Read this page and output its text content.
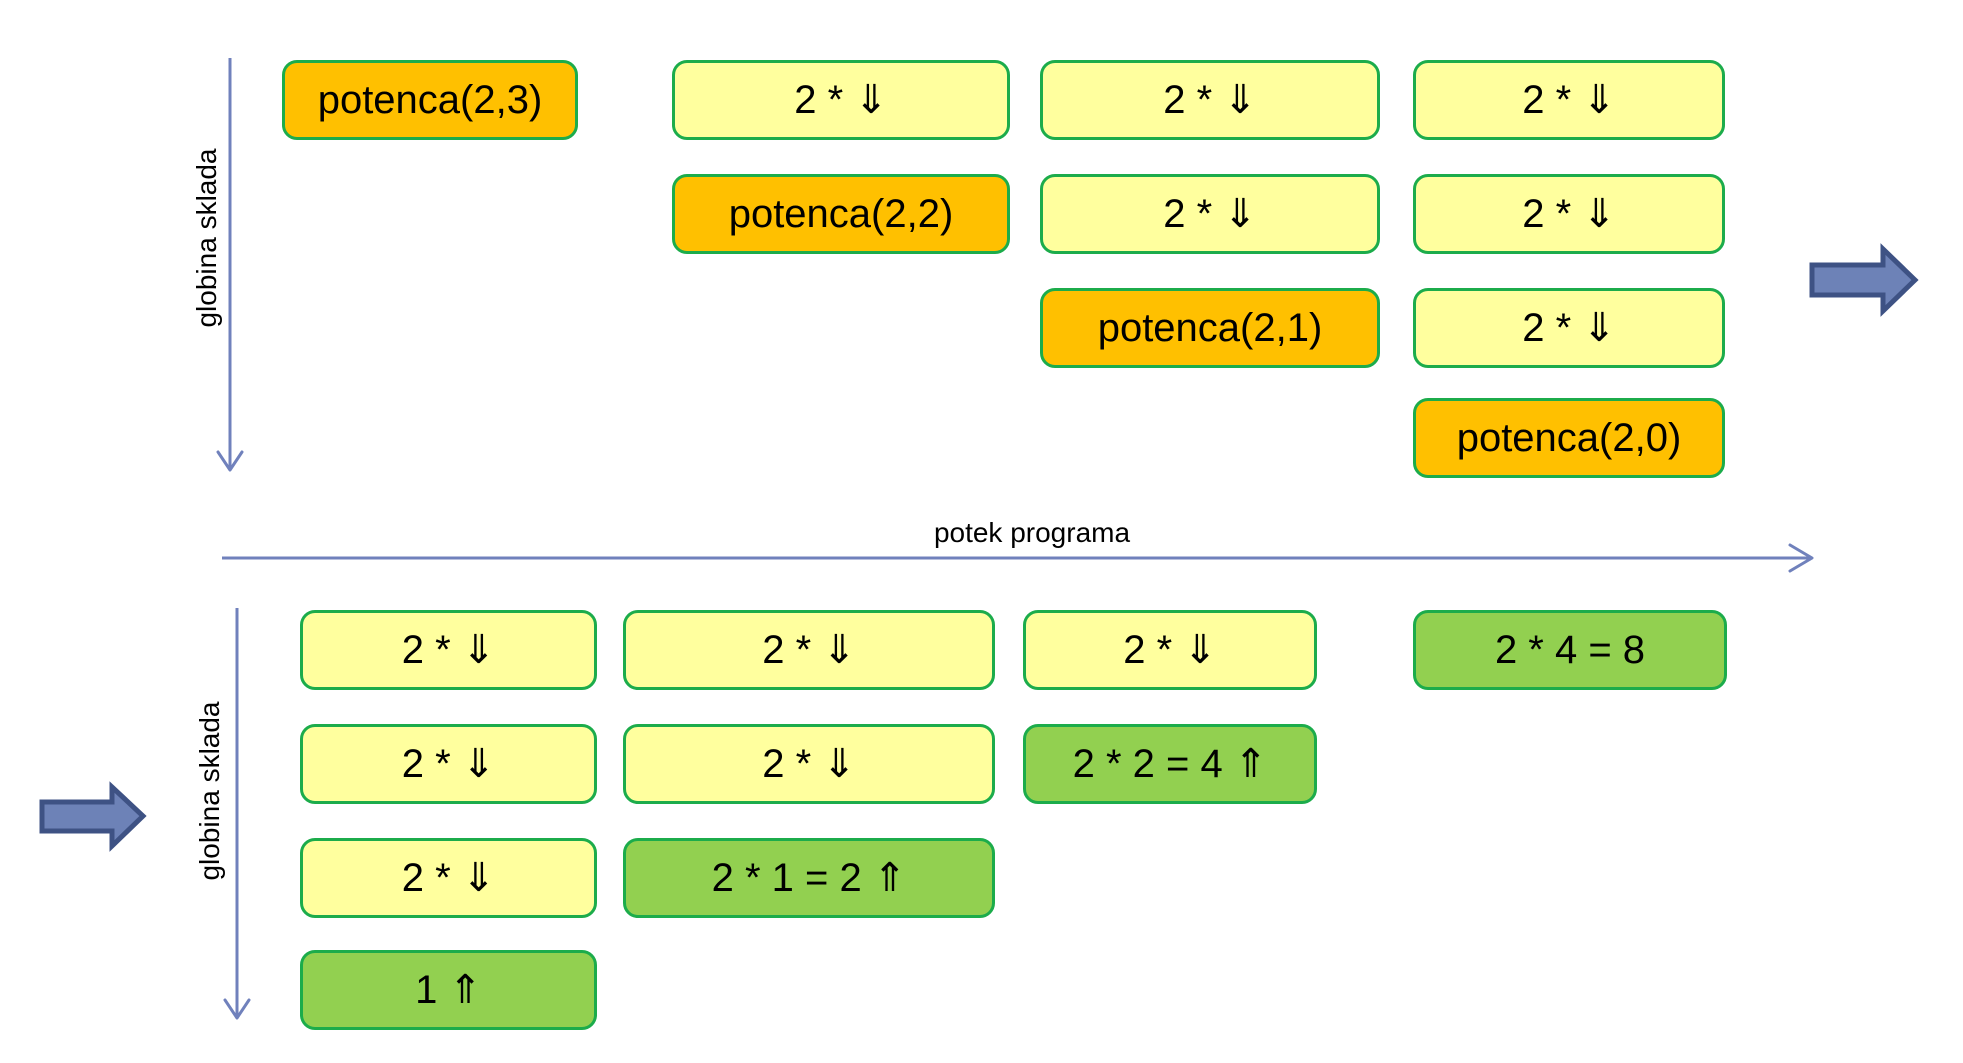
globina sklada
potek programa
globina sklada
potenca(2,3)	2 * ⇓
potenca(2,2)
2 * ⇓
2 * ⇓
potenca(2,1)
2 * ⇓
2 * ⇓
2 * ⇓
potenca(2,0)
2 * ⇓
2 * ⇓
2 * ⇓
1 ⇑
2 * ⇓
2 * ⇓
2 * 1 = 2 ⇑
2 * ⇓
2 * 2 = 4 ⇑
2 * 4 = 8
